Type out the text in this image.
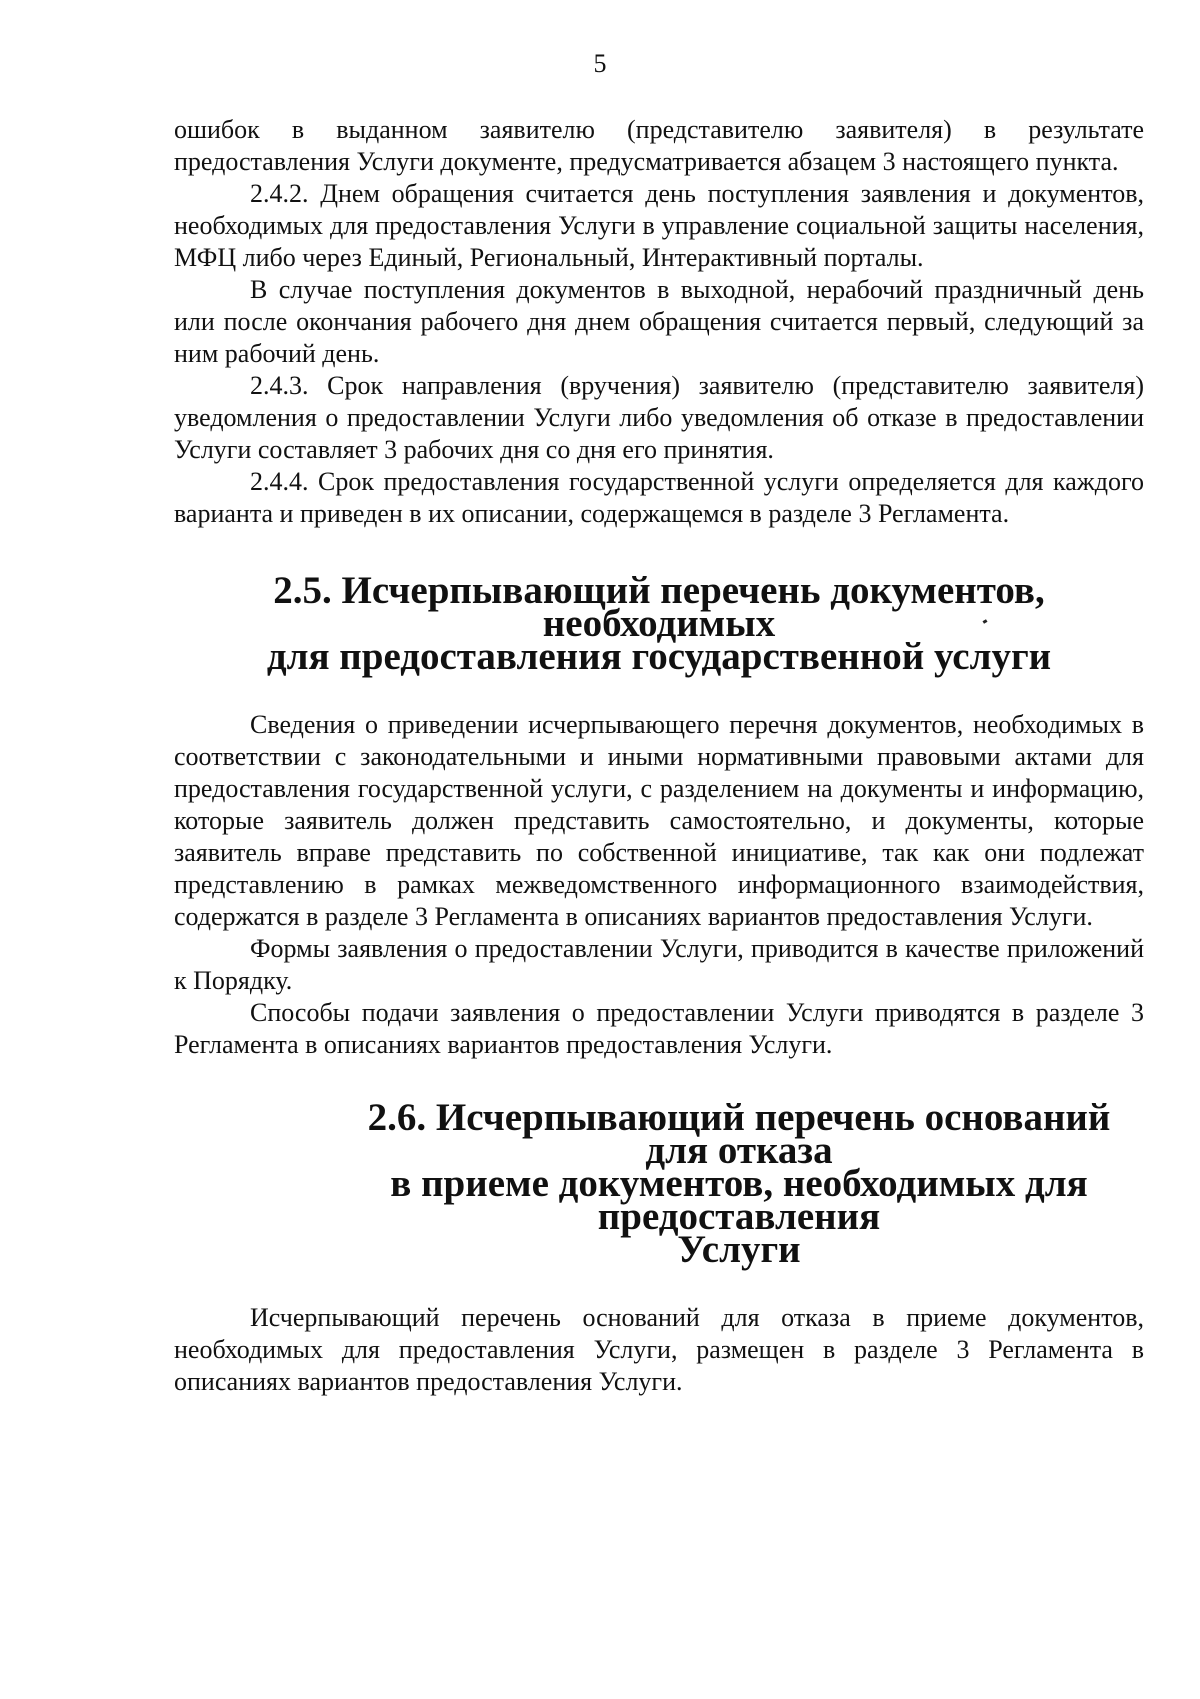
5

ошибок в выданном заявителю (представителю заявителя) в результате предоставления Услуги документе, предусматривается абзацем 3 настоящего пункта.

2.4.2. Днем обращения считается день поступления заявления и документов, необходимых для предоставления Услуги в управление социальной защиты населения, МФЦ либо через Единый, Региональный, Интерактивный порталы.

В случае поступления документов в выходной, нерабочий праздничный день или после окончания рабочего дня днем обращения считается первый, следующий за ним рабочий день.

2.4.3. Срок направления (вручения) заявителю (представителю заявителя) уведомления о предоставлении Услуги либо уведомления об отказе в предоставлении Услуги составляет 3 рабочих дня со дня его принятия.

2.4.4. Срок предоставления государственной услуги определяется для каждого варианта и приведен в их описании, содержащемся в разделе 3 Регламента.

2.5. Исчерпывающий перечень документов, необходимых
для предоставления государственной услуги

Сведения о приведении исчерпывающего перечня документов, необходимых в соответствии с законодательными и иными нормативными правовыми актами для предоставления государственной услуги, с разделением на документы и информацию, которые заявитель должен представить самостоятельно, и документы, которые заявитель вправе представить по собственной инициативе, так как они подлежат представлению в рамках межведомственного информационного взаимодействия, содержатся в разделе 3 Регламента в описаниях вариантов предоставления Услуги.

Формы заявления о предоставлении Услуги, приводится в качестве приложений к Порядку.

Способы подачи заявления о предоставлении Услуги приводятся в разделе 3 Регламента в описаниях вариантов предоставления Услуги.

2.6. Исчерпывающий перечень оснований для отказа
в приеме документов, необходимых для предоставления
Услуги

Исчерпывающий перечень оснований для отказа в приеме документов, необходимых для предоставления Услуги, размещен в разделе 3 Регламента в описаниях вариантов предоставления Услуги.
